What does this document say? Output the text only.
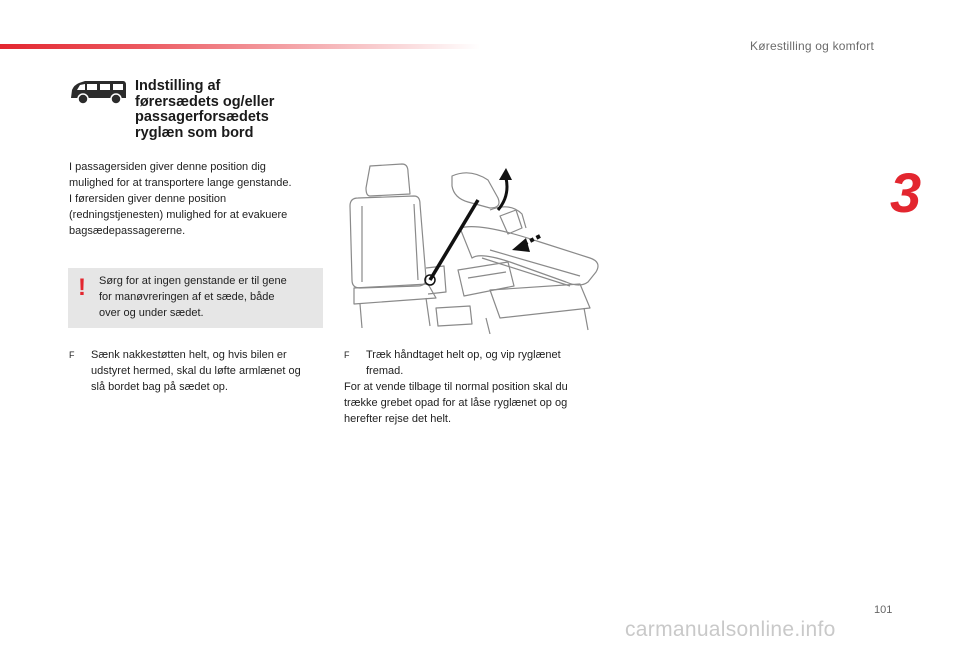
Kørestilling og komfort
3
Indstilling af
førersædets og/eller
passagerforsædets
ryglæn som bord
I passagersiden giver denne position dig
mulighed for at transportere lange genstande.
I førersiden giver denne position
(redningstjenesten) mulighed for at evakuere
bagsædepassagererne.
! Sørg for at ingen genstande er til gene
for manøvreringen af et sæde, både
over og under sædet.
F	Sænk nakkestøtten helt, og hvis bilen er
udstyret hermed, skal du løfte armlænet og
slå bordet bag på sædet op.
F	Træk håndtaget helt op, og vip ryglænet
fremad.
For at vende tilbage til normal position skal du
trække grebet opad for at låse ryglænet op og
herefter rejse det helt.
101
carmanualsonline.info
